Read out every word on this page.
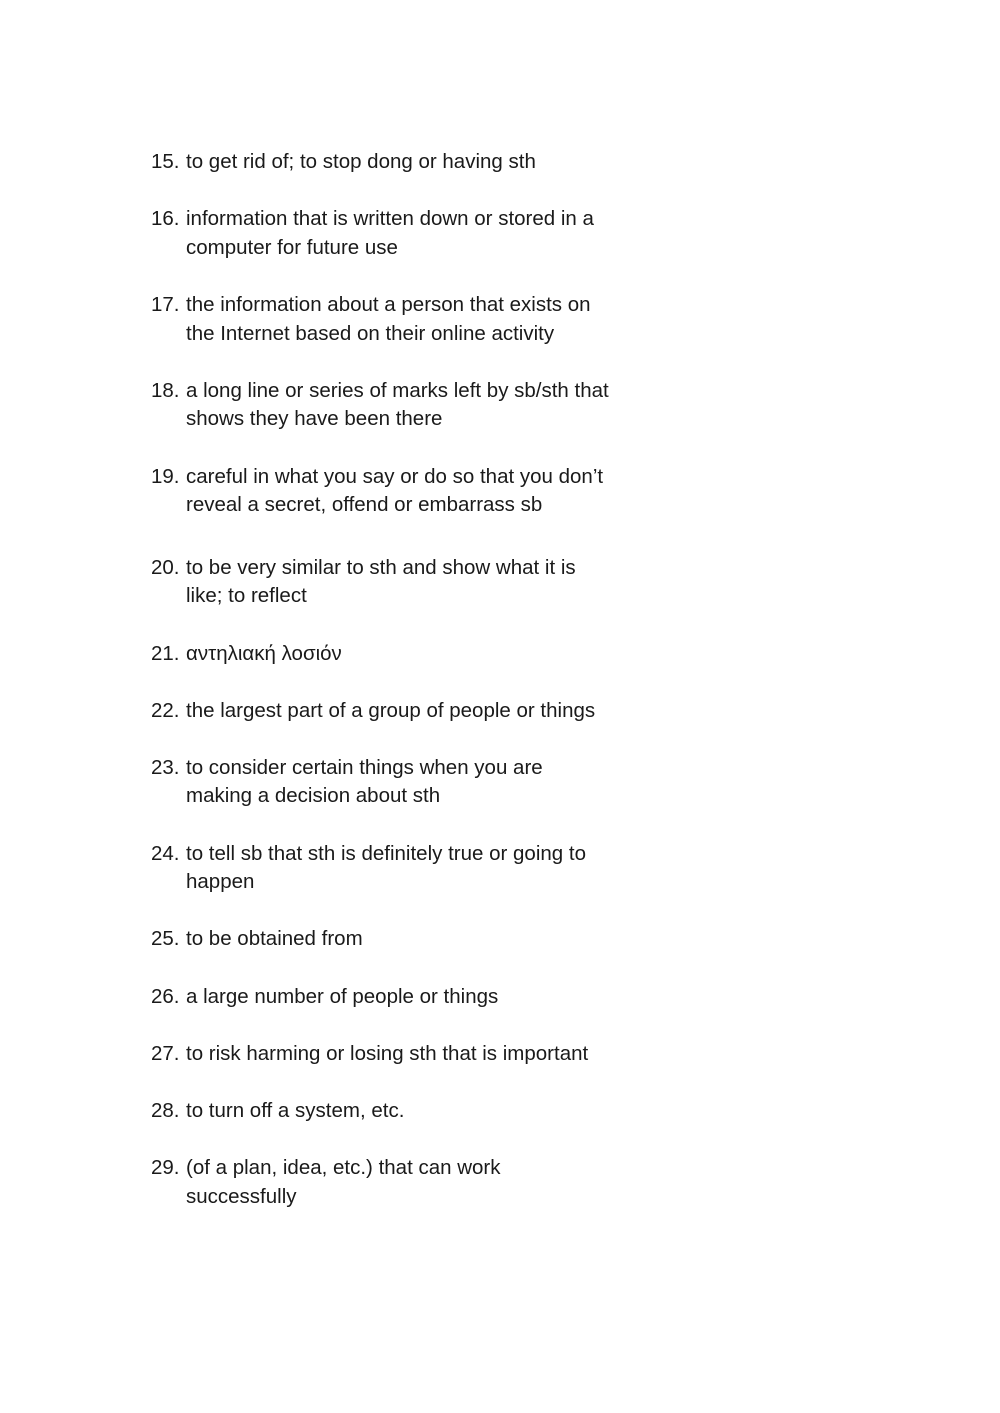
15. to get rid of; to stop dong or having sth
16. information that is written down or stored in a computer for future use
17. the information about a person that exists on the Internet based on their online activity
18. a long line or series of marks left by sb/sth that shows they have been there
19. careful in what you say or do so that you don’t reveal a secret, offend or embarrass sb
20. to be very similar to sth and show what it is like; to reflect
21. αντηλιακή λοσιόν
22. the largest part of a group of people or things
23. to consider certain things when you are making a decision about sth
24. to tell sb that sth is definitely true or going to happen
25. to be obtained from
26. a large number of people or things
27. to risk harming or losing sth that is important
28. to turn off a system, etc.
29. (of a plan, idea, etc.) that can work successfully
